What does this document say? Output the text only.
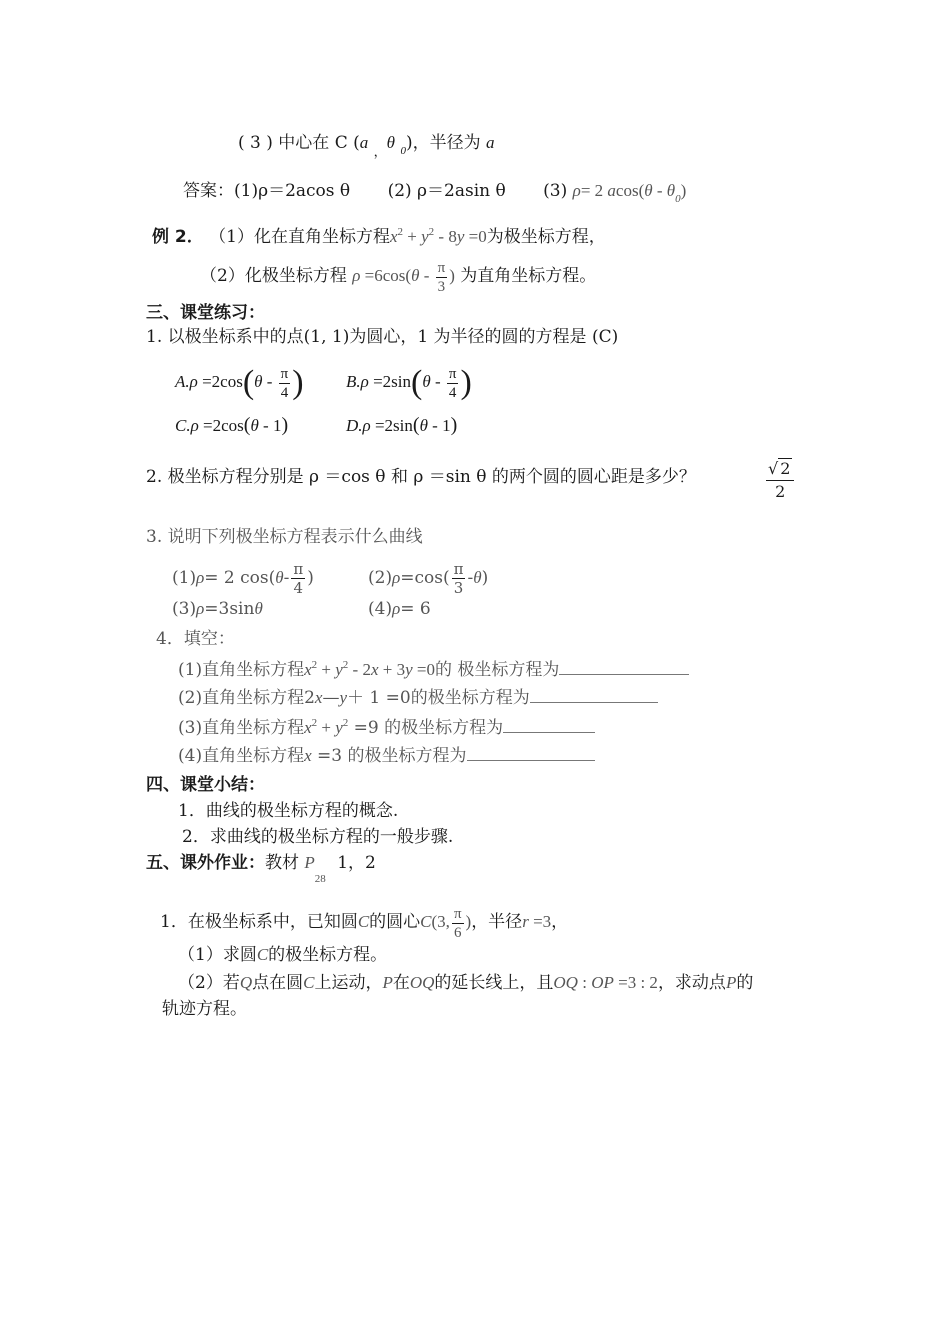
( 3 ) 中心在 C (a $_,$θ $_0$)，半径为 a
答案：(1)ρ＝2acos θ (2) ρ＝2asin θ (3) ρ= 2 $acos(\theta - \theta_0)$
例 2． （1）化在直角坐标方程$x^2 + y^2 - 8y =0$为极坐标方程，
（2）化极坐标方程 $\rho =6\cos(\theta - \frac{\pi}{3}$ ) 为直角坐标方程。
三、课堂练习：
1. 以极坐标系中的点(1, 1)为圆心，1 为半径的圆的方程是 (C)
$A.\rho =2\cos(\theta - \frac{\pi}{4}$ ) $B.\rho =2\sin(\theta - \frac{\pi}{4}$ )
C.ρ =2cos(θ - 1)	D.ρ =2sin(θ - 1)
2. 极坐标方程分别是 ρ ＝cos θ 和 ρ ＝sin θ 的两个圆的圆心距是多少？	$\frac{√ 2}{2}$
3. 说明下列极坐标方程表示什么曲线
(1)ρ= 2 $\cos(\theta- \frac{\pi}{4}$ )	$(2)\rho=\cos( \frac{\pi}{3} -\theta)$
(3)ρ=3sinθ	(4)ρ= 6
4．填空：
(1)直角坐标方程$x^2 + y^2 - 2x + 3y =0$的 极坐标方程为
(2)直角坐标方程2x—y＋ 1 =0的极坐标方程为
(3)直角坐标方程$x^2 + y^2 =9$ 的极坐标方程为
(4)直角坐标方程x =3 的极坐标方程为
四、课堂小结：
1．曲线的极坐标方程的概念.
2．求曲线的极坐标方程的一般步骤.
五、课外作业：教材 $P_{28}$ 1，2
1．在极坐标系中，已知圆C的圆心C(3, $\frac{\pi}{6}$ )，半径r =3，
（1）求圆C的极坐标方程。
（2）若Q点在圆C上运动，P在OQ的延长线上，且OQ : OP =3 : 2，求动点P的
轨迹方程。
